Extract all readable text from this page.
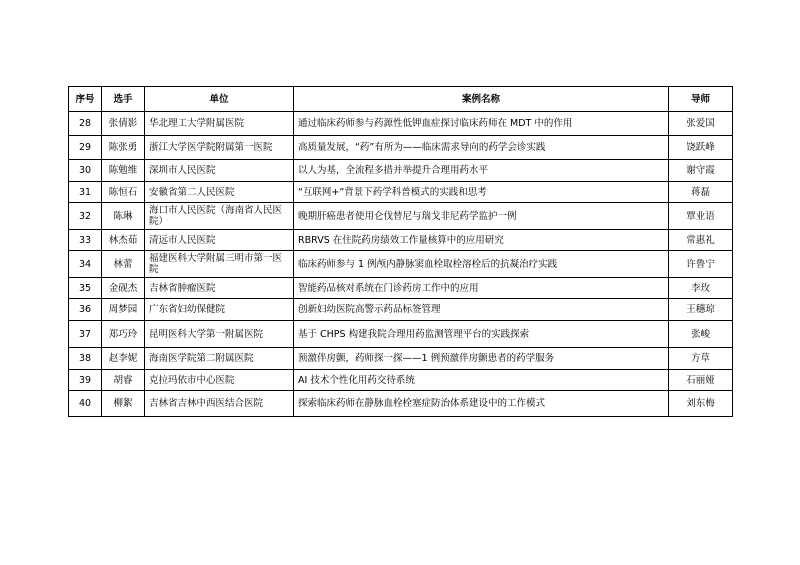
序号	选手	单位	案例名称	导师
28	张倩影	华北理工大学附属医院	通过临床药师参与药源性低钾血症探讨临床药师在 MDT 中的作用	张爱国
29	陈张勇	浙江大学医学院附属第一医院	高质量发展，“药”有所为——临床需求导向的药学会诊实践	饶跃峰
30	陈勉维	深圳市人民医院	以人为基，全流程多措并举提升合理用药水平	谢守霞
31	陈恒石	安徽省第二人民医院	“互联网+”背景下药学科普模式的实践和思考	蒋磊
32	陈琳	海口市人民医院（海南省人民医院）	晚期肝癌患者使用仑伐替尼与瑞戈非尼药学监护一例	覃业语
33	林杰茹	清远市人民医院	RBRVS 在住院药房绩效工作量核算中的应用研究	常惠礼
34	林蕾	福建医科大学附属三明市第一医院	临床药师参与 1 例颅内静脉窦血栓取栓溶栓后的抗凝治疗实践	许鲁宁
35	金砚杰	吉林省肿瘤医院	智能药品核对系统在门诊药房工作中的应用	李玫
36	周梦园	广东省妇幼保健院	创新妇幼医院高警示药品标签管理	王穗琼
37	郑巧玲	昆明医科大学第一附属医院	基于 CHPS 构建我院合理用药监测管理平台的实践探索	张峻
38	赵李妮	海南医学院第二附属医院	预激伴房颤，药师探一探——1 例预激伴房颤患者的药学服务	方草
39	胡睿	克拉玛依市中心医院	AI 技术个性化用药交待系统	石丽娅
40	柳絮	吉林省吉林中西医结合医院	探索临床药师在静脉血栓栓塞症防治体系建设中的工作模式	刘东梅
